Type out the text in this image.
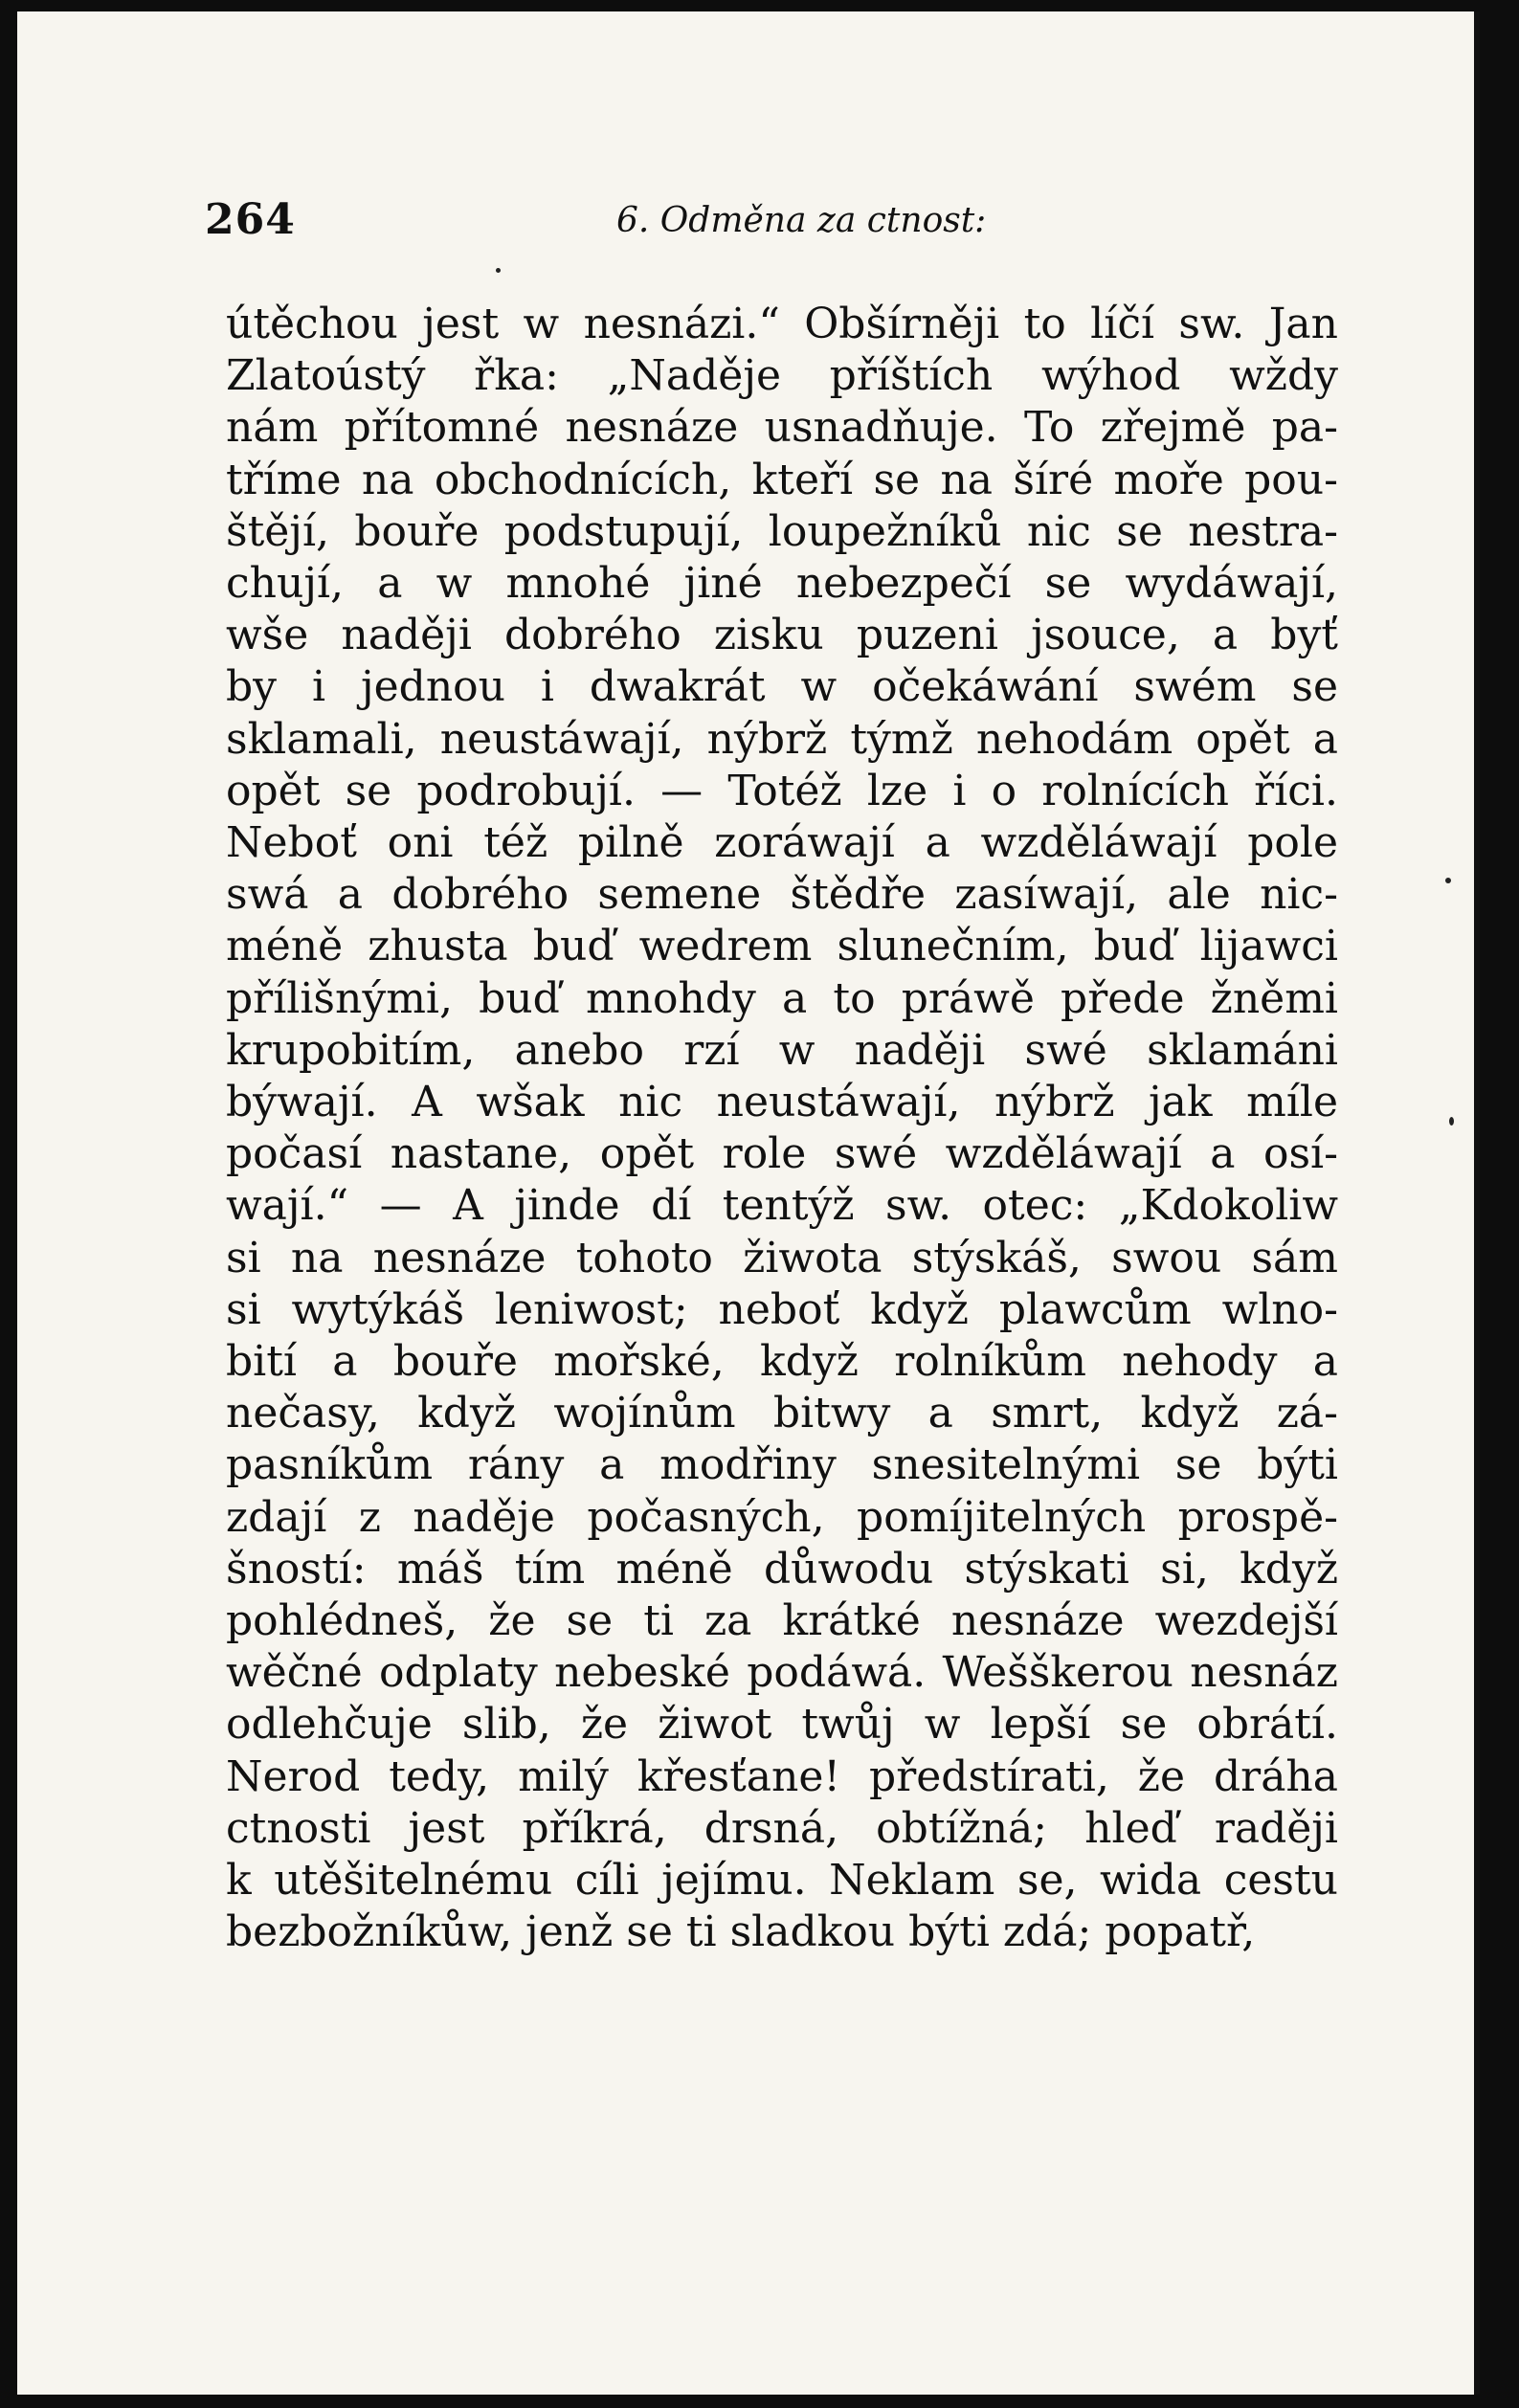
264	6. Odměna za ctnost:
útěchou jest w nesnázi.“ Obšírněji to líčí sw. Jan
Zlatoústý řka: „Naděje příštích wýhod wždy
nám přítomné nesnáze usnadňuje. To zřejmě pa-
tříme na obchodnících, kteří se na šíré moře pou-
štějí, bouře podstupují, loupežníků nic se nestra-
chují, a w mnohé jiné nebezpečí se wydáwají,
wše naději dobrého zisku puzeni jsouce, a byť
by i jednou i dwakrát w očekáwání swém se
sklamali, neustáwají, nýbrž týmž nehodám opět a
opět se podrobují. — Totéž lze i o rolnících říci.
Neboť oni též pilně zoráwají a wzděláwají pole
swá a dobrého semene štědře zasíwají, ale nic-
méně zhusta buď wedrem slunečním, buď lijawci
přílišnými, buď mnohdy a to práwě přede žněmi
krupobitím, anebo rzí w naději swé sklamáni
býwají. A wšak nic neustáwají, nýbrž jak míle
počasí nastane, opět role swé wzděláwají a osí-
wají.“ — A jinde dí tentýž sw. otec: „Kdokoliw
si na nesnáze tohoto žiwota stýskáš, swou sám
si wytýkáš leniwost; neboť když plawcům wlno-
bití a bouře mořské, když rolníkům nehody a
nečasy, když wojínům bitwy a smrt, když zá-
pasníkům rány a modřiny snesitelnými se býti
zdají z naděje počasných, pomíjitelných prospě-
šností: máš tím méně důwodu stýskati si, když
pohlédneš, že se ti za krátké nesnáze wezdejší
wěčné odplaty nebeské podáwá. Wešškerou nesnáz
odlehčuje slib, že žiwot twůj w lepší se obrátí.
Nerod tedy, milý křesťane! předstírati, že dráha
ctnosti jest příkrá, drsná, obtížná; hleď raději
k utěšitelnému cíli jejímu. Neklam se, wida cestu
bezbožníkůw, jenž se ti sladkou býti zdá; popatř,
